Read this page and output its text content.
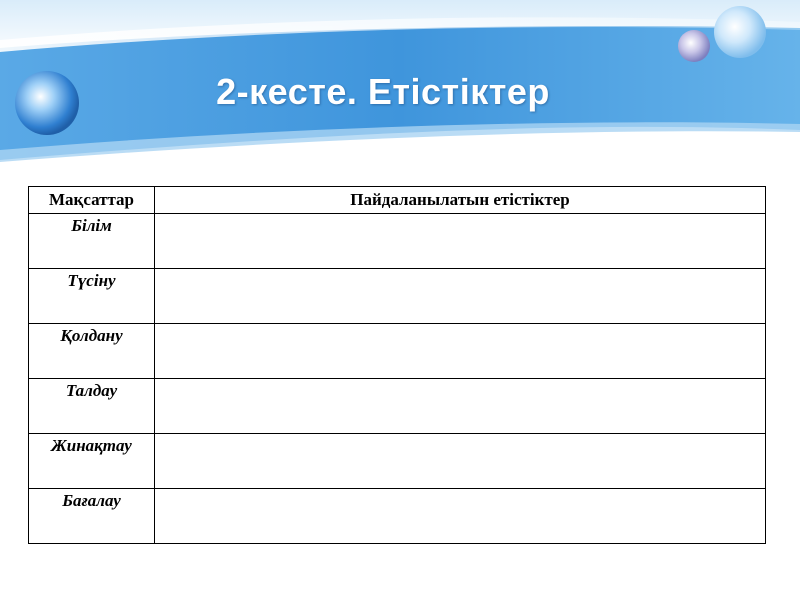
2-кесте. Етістіктер
Мақсаттар	Пайдаланылатын етістіктер
Білім	
Түсіну	
Қолдану	
Талдау	
Жинақтау	
Бағалау	
